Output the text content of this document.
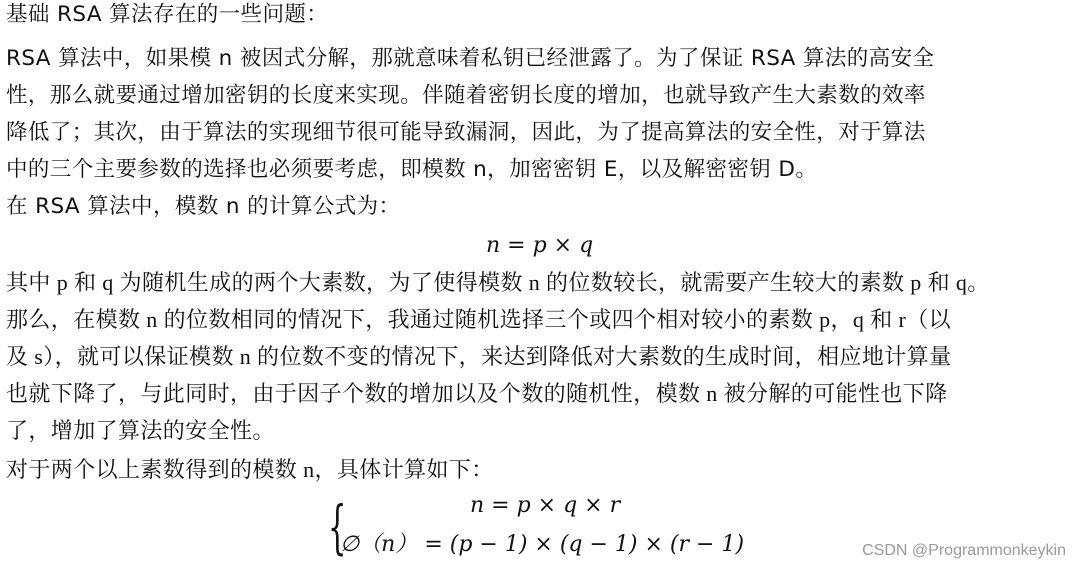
基础 RSA 算法存在的一些问题：
RSA 算法中，如果模 n 被因式分解，那就意味着私钥已经泄露了。为了保证 RSA 算法的高安全
性，那么就要通过增加密钥的长度来实现。伴随着密钥长度的增加，也就导致产生大素数的效率
降低了；其次，由于算法的实现细节很可能导致漏洞，因此，为了提高算法的安全性，对于算法
中的三个主要参数的选择也必须要考虑，即模数 n，加密密钥 E，以及解密密钥 D。
在 RSA 算法中，模数 n 的计算公式为：
n = p × q
其中 p 和 q 为随机生成的两个大素数，为了使得模数 n 的位数较长，就需要产生较大的素数 p 和 q。
那么，在模数 n 的位数相同的情况下，我通过随机选择三个或四个相对较小的素数 p，q 和 r（以
及 s），就可以保证模数 n 的位数不变的情况下，来达到降低对大素数的生成时间，相应地计算量
也就下降了，与此同时，由于因子个数的增加以及个数的随机性，模数 n 被分解的可能性也下降
了，增加了算法的安全性。
对于两个以上素数得到的模数 n，具体计算如下：
{	n = p × q × r
∅（n） = (p − 1) × (q − 1) × (r − 1)	CSDN @Programmonkeykin
